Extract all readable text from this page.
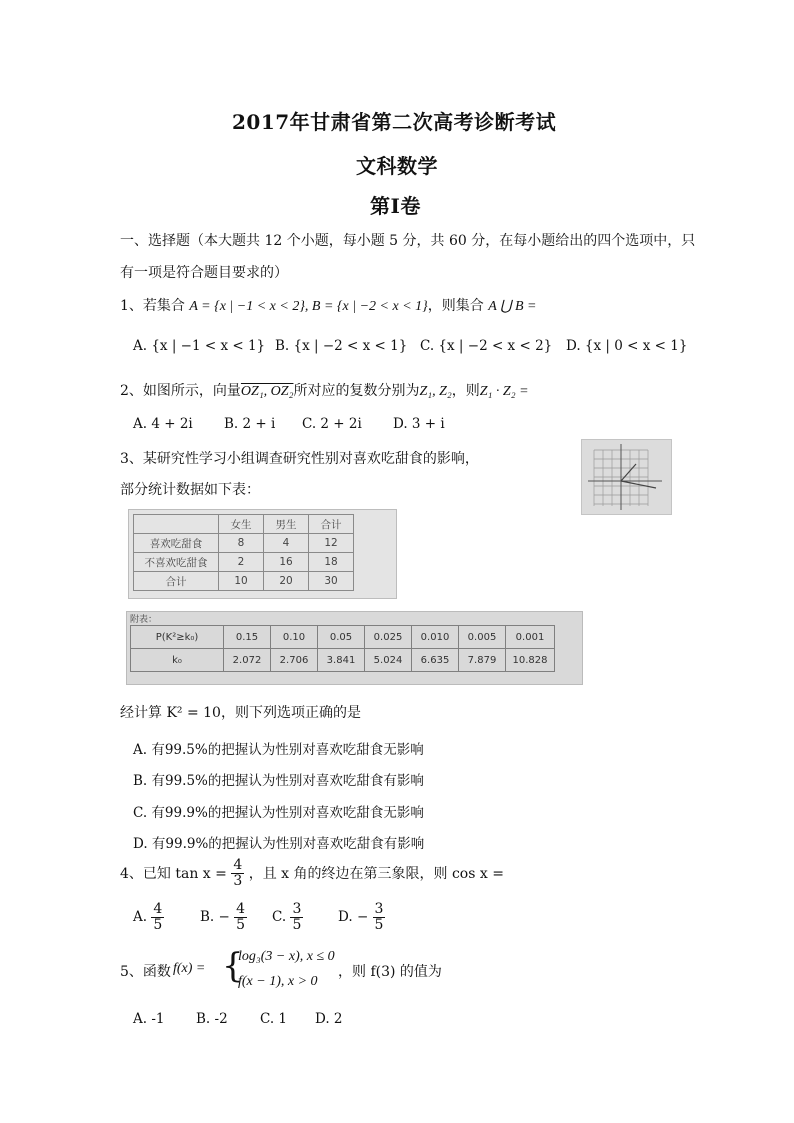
2017年甘肃省第二次高考诊断考试
文科数学
第Ⅰ卷
一、选择题（本大题共 12 个小题，每小题 5 分，共 60 分，在每小题给出的四个选项中，只
有一项是符合题目要求的）
1、若集合 A = {x | −1 < x < 2}, B = {x | −2 < x < 1}，则集合 A ⋃ B =
A. {x | −1 < x < 1} B. {x | −2 < x < 1} C. {x | −2 < x < 2} D. {x | 0 < x < 1}
2、如图所示，向量OZ₁, OZ₂所对应的复数分别为Z₁, Z₂，则Z₁ · Z₂ =
A. 4 + 2i B. 2 + i C. 2 + 2i D. 3 + i
3、某研究性学习小组调查研究性别对喜欢吃甜食的影响，
部分统计数据如下表：
	女生	男生	合计
喜欢吃甜食	8	4	12
不喜欢吃甜食	2	16	18
合计	10	20	30
附表：
P(K²≥k₀)	0.15	0.10	0.05	0.025	0.010	0.005	0.001
k₀	2.072	2.706	3.841	5.024	6.635	7.879	10.828
经计算 K² = 10，则下列选项正确的是
A. 有99.5%的把握认为性别对喜欢吃甜食无影响
B. 有99.5%的把握认为性别对喜欢吃甜食有影响
C. 有99.9%的把握认为性别对喜欢吃甜食无影响
D. 有99.9%的把握认为性别对喜欢吃甜食有影响
4、已知 $\tan x = \frac{4}{3}$ ，且 x 角的终边在第三象限，则 cos x =
A. $\frac{4}{5}$	B. − $\frac{4}{5} C$. $\frac{3}{5}$	D. − $\frac{3}{5}$
5、函数 f(x) = {
log₃(3 − x), x ≤ 0
f(x − 1), x > 0
，则 f(3) 的值为
A. -1 B. -2 C. 1 D. 2
